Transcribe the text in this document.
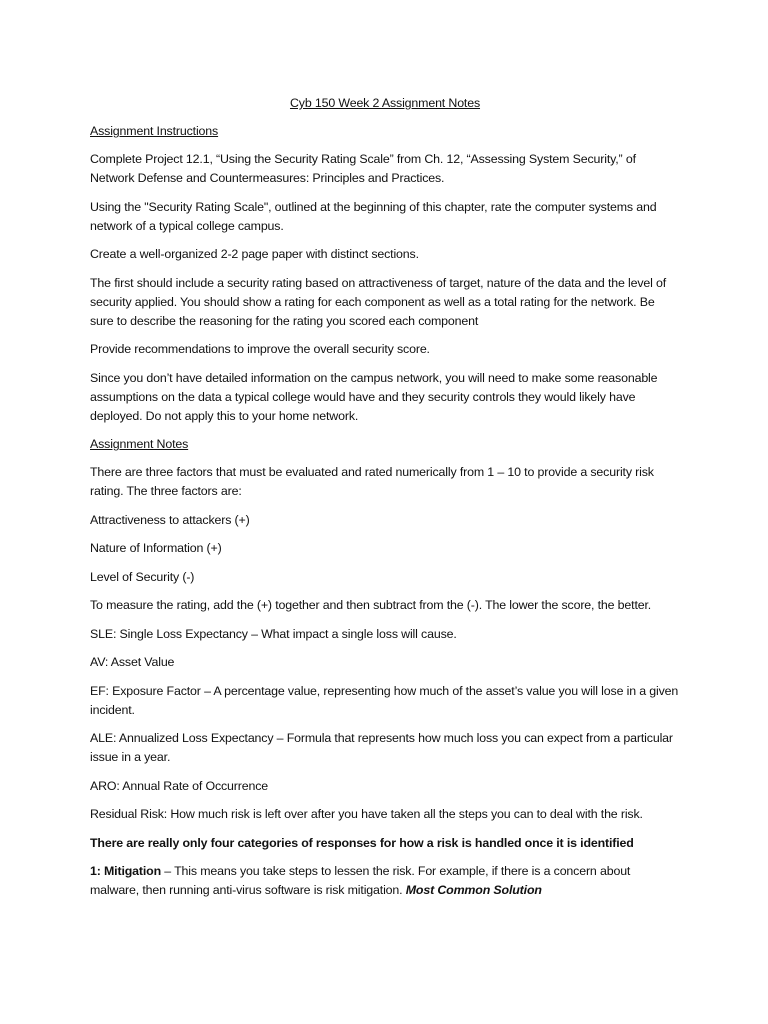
Cyb 150 Week 2 Assignment Notes
Assignment Instructions
Complete Project 12.1, “Using the Security Rating Scale” from Ch. 12, “Assessing System Security,” of Network Defense and Countermeasures: Principles and Practices.
Using the "Security Rating Scale", outlined at the beginning of this chapter, rate the computer systems and network of a typical college campus.
Create a well-organized 2-2 page paper with distinct sections.
The first should include a security rating based on attractiveness of target, nature of the data and the level of security applied. You should show a rating for each component as well as a total rating for the network. Be sure to describe the reasoning for the rating you scored each component
Provide recommendations to improve the overall security score.
Since you don’t have detailed information on the campus network, you will need to make some reasonable assumptions on the data a typical college would have and they security controls they would likely have deployed. Do not apply this to your home network.
Assignment Notes
There are three factors that must be evaluated and rated numerically from 1 – 10 to provide a security risk rating. The three factors are:
Attractiveness to attackers (+)
Nature of Information (+)
Level of Security (-)
To measure the rating, add the (+) together and then subtract from the (-). The lower the score, the better.
SLE: Single Loss Expectancy – What impact a single loss will cause.
AV: Asset Value
EF: Exposure Factor – A percentage value, representing how much of the asset’s value you will lose in a given incident.
ALE: Annualized Loss Expectancy – Formula that represents how much loss you can expect from a particular issue in a year.
ARO: Annual Rate of Occurrence
Residual Risk: How much risk is left over after you have taken all the steps you can to deal with the risk.
There are really only four categories of responses for how a risk is handled once it is identified
1: Mitigation – This means you take steps to lessen the risk. For example, if there is a concern about malware, then running anti-virus software is risk mitigation. Most Common Solution
